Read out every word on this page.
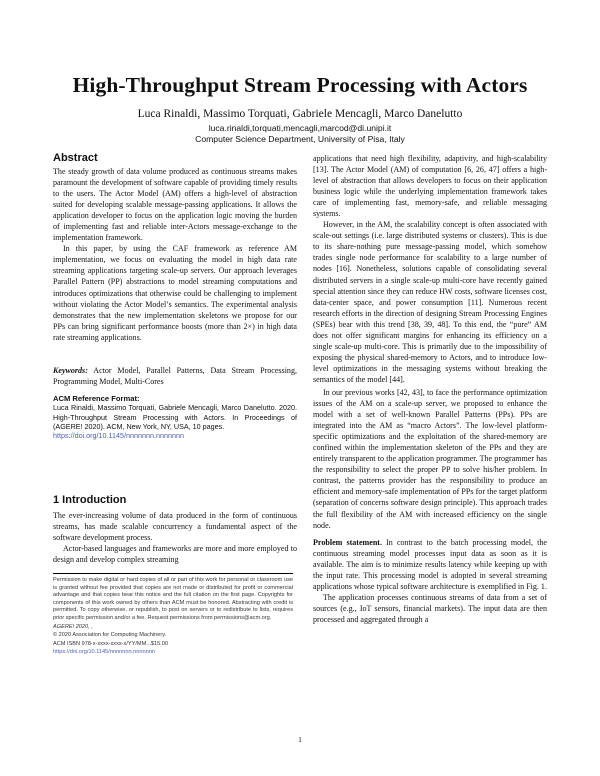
High-Throughput Stream Processing with Actors
Luca Rinaldi, Massimo Torquati, Gabriele Mencagli, Marco Danelutto
luca.rinaldi,torquati,mencagli,marcod@di.unipi.it
Computer Science Department, University of Pisa, Italy
Abstract

The steady growth of data volume produced as continuous streams makes paramount the development of software capable of providing timely results to the users. The Actor Model (AM) offers a high-level of abstraction suited for developing scalable message-passing applications. It allows the application developer to focus on the application logic moving the burden of implementing fast and reliable inter-Actors message-exchange to the implementation framework.

In this paper, by using the CAF framework as reference AM implementation, we focus on evaluating the model in high data rate streaming applications targeting scale-up servers. Our approach leverages Parallel Pattern (PP) abstractions to model streaming computations and introduces optimizations that otherwise could be challenging to implement without violating the Actor Model’s semantics. The experimental analysis demonstrates that the new implementation skeletons we propose for our PPs can bring significant performance boosts (more than 2×) in high data rate streaming applications.

Keywords: Actor Model, Parallel Patterns, Data Stream Processing, Programming Model, Multi-Cores
ACM Reference Format:
Luca Rinaldi, Massimo Torquati, Gabriele Mencagli, Marco Danelutto. 2020. High-Throughput Stream Processing with Actors. In Proceedings of (AGERE! 2020). ACM, New York, NY, USA, 10 pages.
https://doi.org/10.1145/nnnnnnn.nnnnnnn
1 Introduction

The ever-increasing volume of data produced in the form of continuous streams, has made scalable concurrency a fundamental aspect of the software development process.

Actor-based languages and frameworks are more and more employed to design and develop complex streaming

Permission to make digital or hard copies of all or part of this work for personal or classroom use is granted without fee provided that copies are not made or distributed for profit or commercial advantage and that copies bear this notice and the full citation on the first page. Copyrights for components of this work owned by others than ACM must be honored. Abstracting with credit is permitted. To copy otherwise, or republish, to post on servers or to redistribute to lists, requires prior specific permission and/or a fee. Request permissions from permissions@acm.org.
AGERE! 2020, ,
© 2020 Association for Computing Machinery.
ACM ISBN 978-x-xxxx-xxxx-x/YY/MM...$15.00
https://doi.org/10.1145/nnnnnnn.nnnnnnn

applications that need high flexibility, adaptivity, and high-scalability [13]. The Actor Model (AM) of computation [6, 26, 47] offers a high-level of abstraction that allows developers to focus on their application business logic while the underlying implementation framework takes care of implementing fast, memory-safe, and reliable messaging systems.

However, in the AM, the scalability concept is often associated with scale-out settings (i.e. large distributed systems or clusters). This is due to its share-nothing pure message-passing model, which somehow trades single node performance for scalability to a large number of nodes [16]. Nonetheless, solutions capable of consolidating several distributed servers in a single scale-up multi-core have recently gained special attention since they can reduce HW costs, software licenses cost, data-center space, and power consumption [11]. Numerous recent research efforts in the direction of designing Stream Processing Engines (SPEs) bear with this trend [38, 39, 48]. To this end, the “pure” AM does not offer significant margins for enhancing its efficiency on a single scale-up multi-core. This is primarily due to the impossibility of exposing the physical shared-memory to Actors, and to introduce low-level optimizations in the messaging systems without breaking the semantics of the model [44].

In our previous works [42, 43], to face the performance optimization issues of the AM on a scale-up server, we proposed to enhance the model with a set of well-known Parallel Patterns (PPs). PPs are integrated into the AM as “macro Actors”. The low-level platform-specific optimizations and the exploitation of the shared-memory are confined within the implementation skeleton of the PPs and they are entirely transparent to the application programmer. The programmer has the responsibility to select the proper PP to solve his/her problem. In contrast, the patterns provider has the responsibility to produce an efficient and memory-safe implementation of PPs for the target platform (separation of concerns software design principle). This approach trades the full flexibility of the AM with increased efficiency on the single node.

Problem statement. In contrast to the batch processing model, the continuous streaming model processes input data as soon as it is available. The aim is to minimize results latency while keeping up with the input rate. This processing model is adopted in several streaming applications whose typical software architecture is exemplified in Fig. 1.

The application processes continuous streams of data from a set of sources (e.g., IoT sensors, financial markets). The input data are then processed and aggregated through a

1
